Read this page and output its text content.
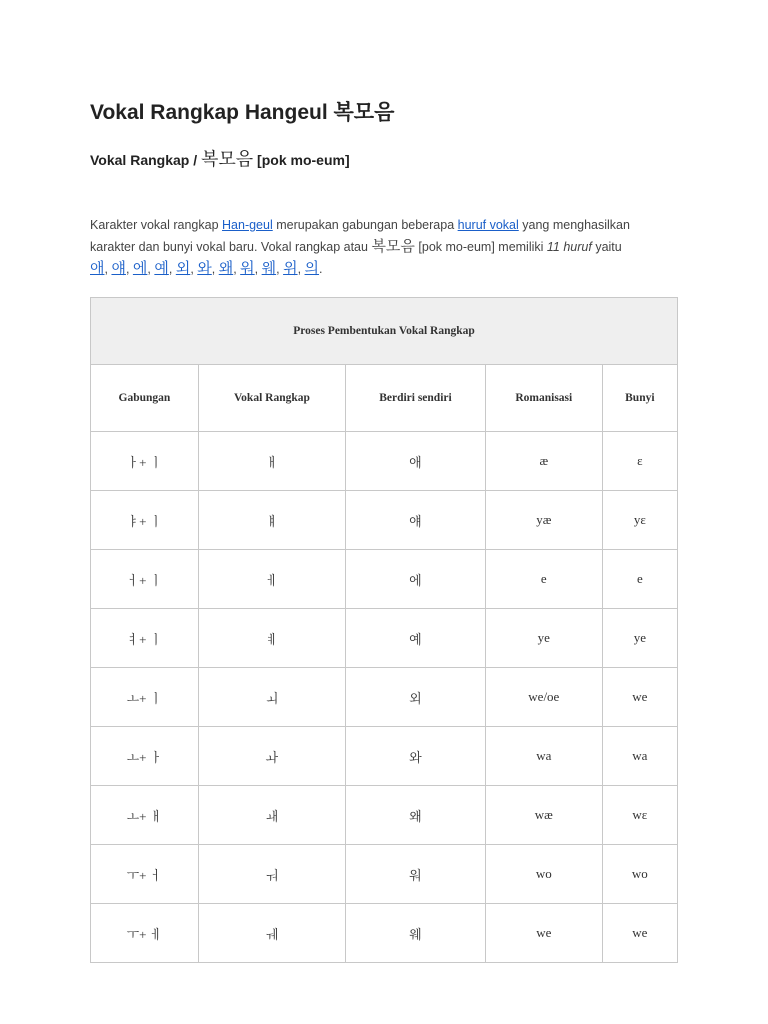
Vokal Rangkap Hangeul 복모음
Vokal Rangkap / 복모음 [pok mo-eum]

Karakter vokal rangkap Han-geul merupakan gabungan beberapa huruf vokal yang menghasilkan karakter dan bunyi vokal baru. Vokal rangkap atau 복모음 [pok mo-eum] memiliki 11 huruf yaitu
애, 얘, 에, 예, 외, 와, 왜, 워, 웨, 위, 의.

Proses Pembentukan Vokal Rangkap				
Gabungan	Vokal Rangkap	Berdiri sendiri	Romanisasi	Bunyi
ㅏ+ ㅣ	ㅐ	애	æ	ɛ
ㅑ+ ㅣ	ㅒ	얘	yæ	yɛ
ㅓ+ ㅣ	ㅔ	에	e	e
ㅕ+ ㅣ	ㅖ	예	ye	ye
ㅗ+ ㅣ	ㅚ	외	we/oe	we
ㅗ+ ㅏ	ㅘ	와	wa	wa
ㅗ+ ㅐ	ㅙ	왜	wæ	wɛ
ㅜ+ ㅓ	ㅝ	워	wo	wo
ㅜ+ ㅔ	ㅞ	웨	we	we
